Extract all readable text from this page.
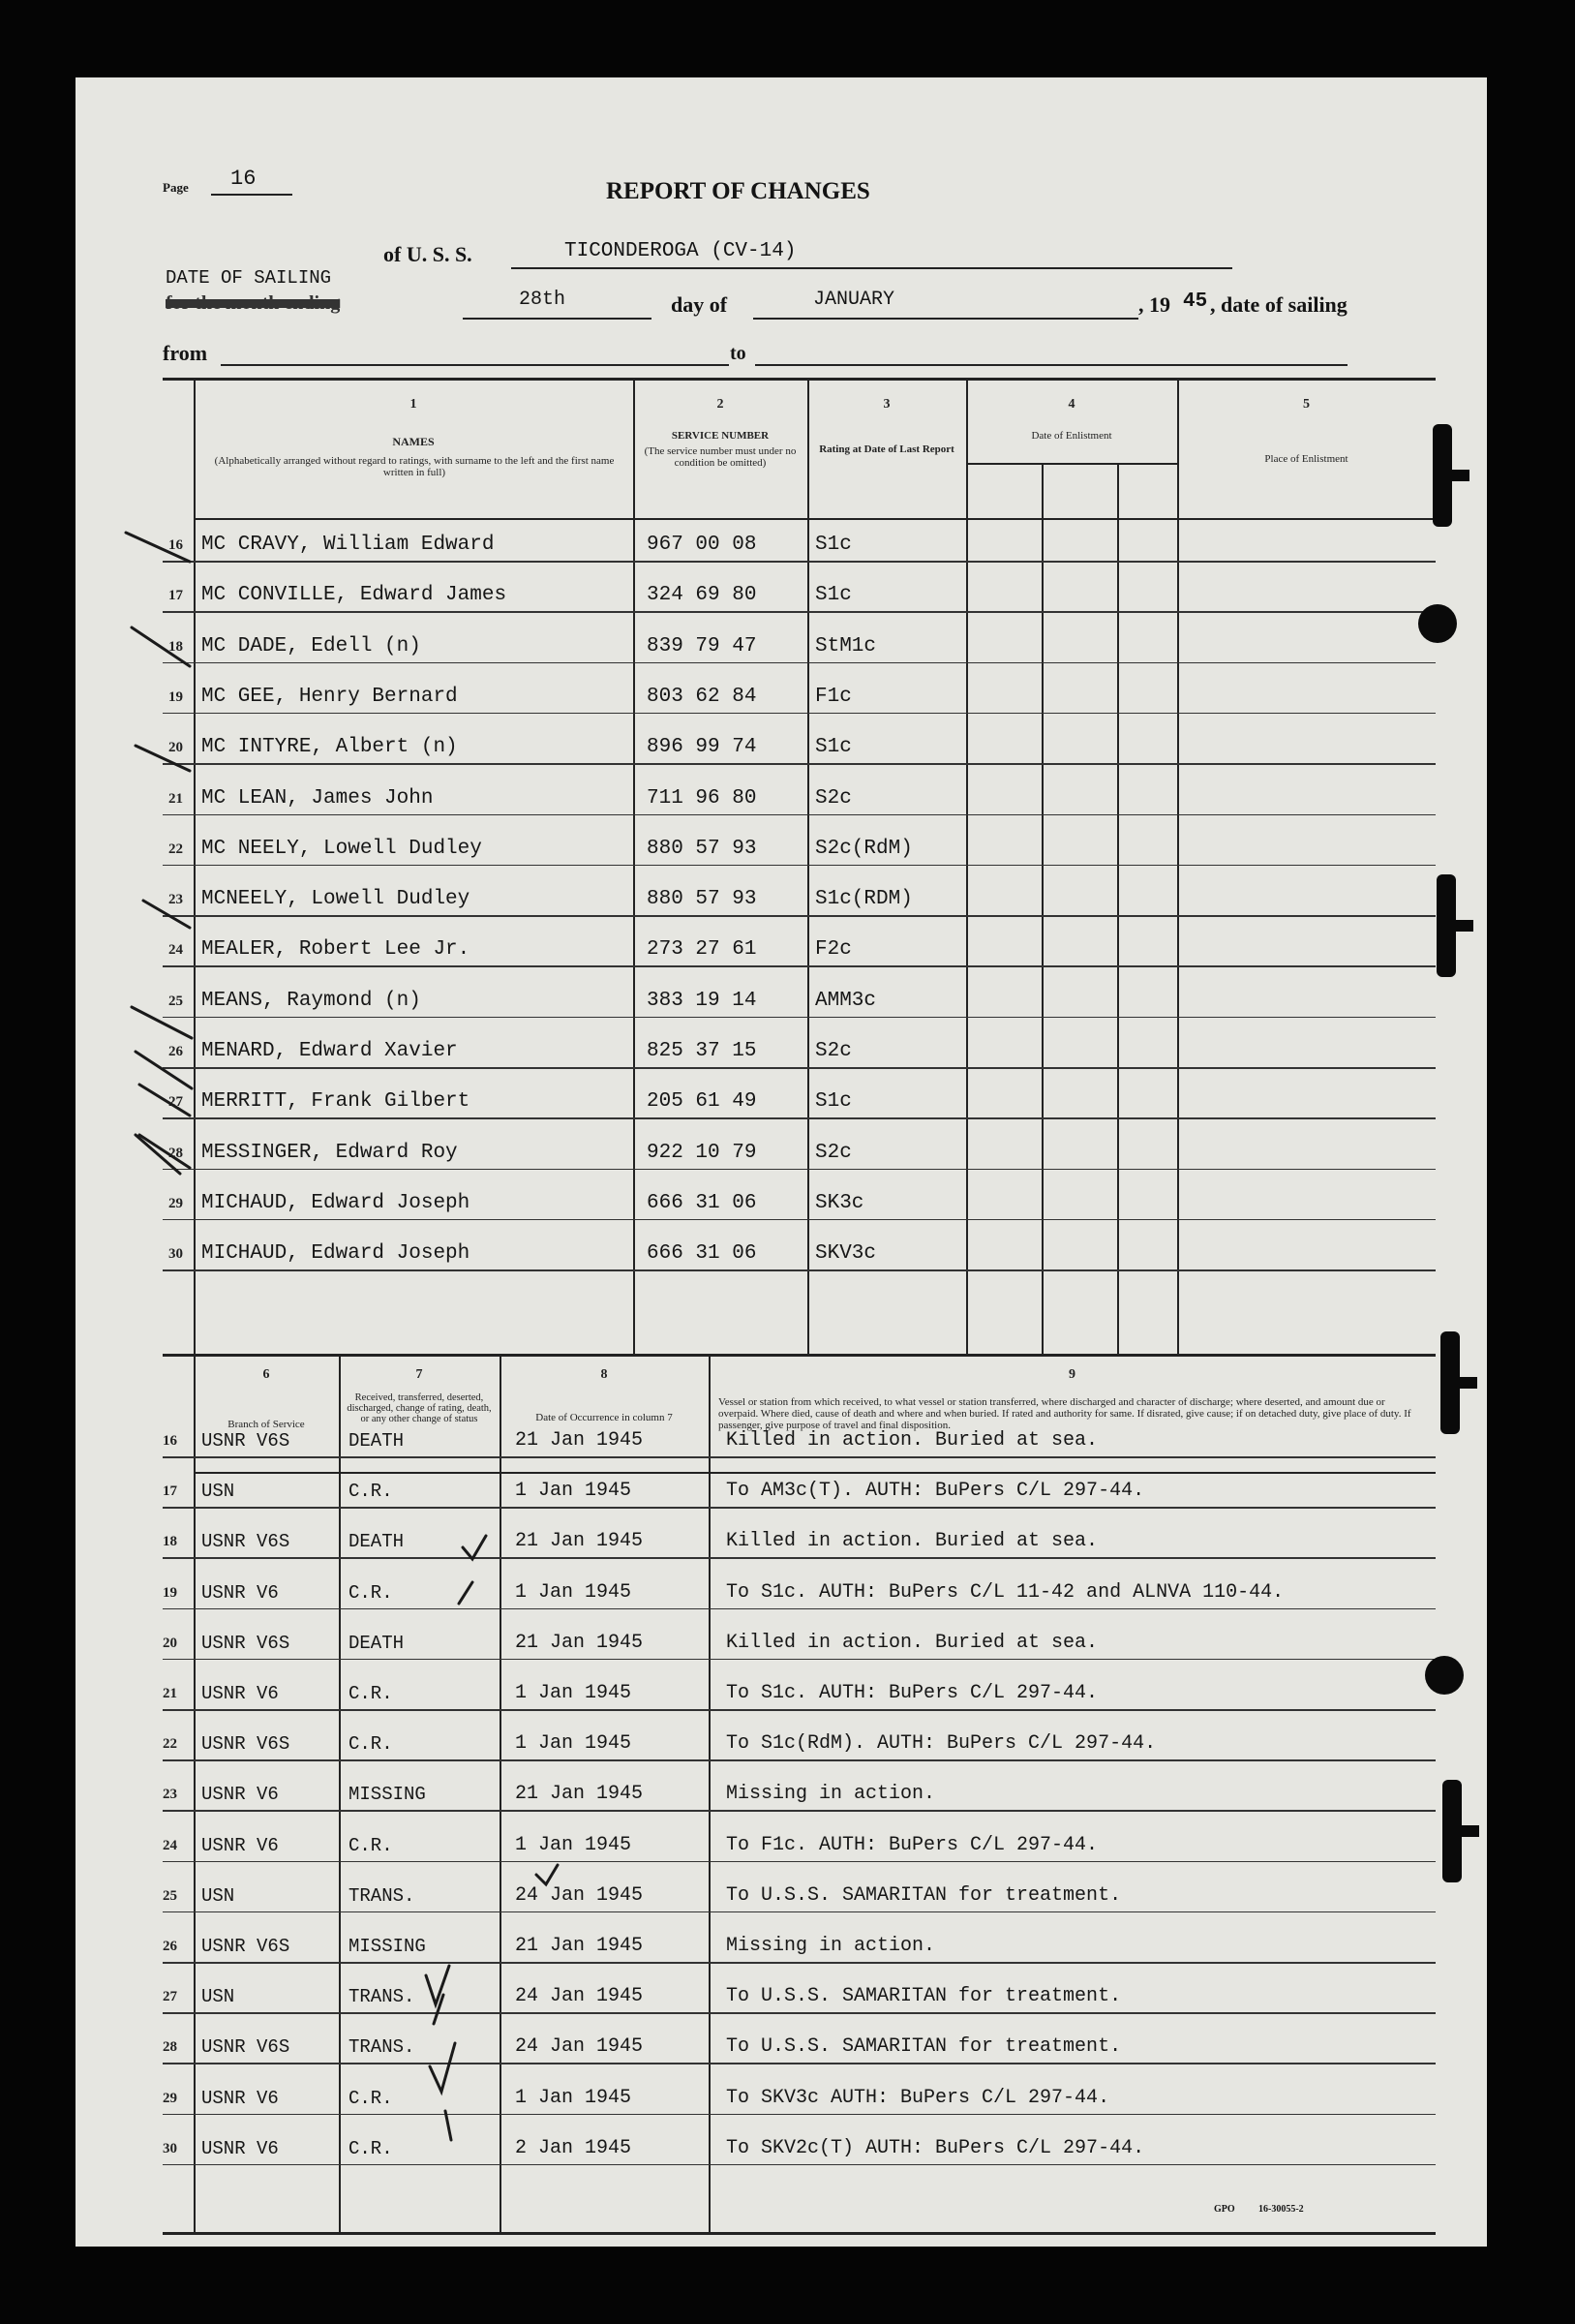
Page 16	REPORT OF CHANGES
of U. S. S.	TICONDEROGA (CV-14)
DATE OF SAILING
for the month ending	28th	day of	JANUARY	, 19 45 , date of sailing
from	to
1
NAMES
(Alphabetically arranged without regard to ratings, with surname to the left and the first name written in full)
2
SERVICE NUMBER
(The service number must under no condition be omitted)
3
Rating at Date of Last Report
4
Date of Enlistment
5
Place of Enlistment
16 MC CRAVY, William Edward	967 00 08	S1c
17 MC CONVILLE, Edward James	324 69 80	S1c
18 MC DADE, Edell (n)	839 79 47	StM1c
19 MC GEE, Henry Bernard	803 62 84	F1c
20 MC INTYRE, Albert (n)	896 99 74	S1c
21 MC LEAN, James John	711 96 80	S2c
22 MC NEELY, Lowell Dudley	880 57 93	S2c(RdM)
23 MCNEELY, Lowell Dudley	880 57 93	S1c(RDM)
24 MEALER, Robert Lee Jr.	273 27 61	F2c
25 MEANS, Raymond (n)	383 19 14	AMM3c
26 MENARD, Edward Xavier	825 37 15	S2c
27 MERRITT, Frank Gilbert	205 61 49	S1c
28 MESSINGER, Edward Roy	922 10 79	S2c
29 MICHAUD, Edward Joseph	666 31 06	SK3c
30 MICHAUD, Edward Joseph	666 31 06	SKV3c
6
Branch of Service
7
Received, transferred, deserted, discharged, change of rating, death, or any other change of status
8
Date of Occurrence in column 7
9
Vessel or station from which received, to what vessel or station transferred, where discharged and character of discharge; where deserted, and amount due or overpaid. Where died, cause of death and where and when buried. If rated and authority for same. If disrated, give cause; if on detached duty, give place of duty. If passenger, give purpose of travel and final disposition.
16 USNR V6S	DEATH	21 Jan 1945	Killed in action. Buried at sea.
17 USN	C.R.	1 Jan 1945	To AM3c(T). AUTH: BuPers C/L 297-44.
18 USNR V6S	DEATH	21 Jan 1945	Killed in action. Buried at sea.
19 USNR V6	C.R.	1 Jan 1945	To S1c. AUTH: BuPers C/L 11-42 and ALNVA 110-44.
20 USNR V6S	DEATH	21 Jan 1945	Killed in action. Buried at sea.
21 USNR V6	C.R.	1 Jan 1945	To S1c. AUTH: BuPers C/L 297-44.
22 USNR V6S	C.R.	1 Jan 1945	To S1c(RdM). AUTH: BuPers C/L 297-44.
23 USNR V6	MISSING	21 Jan 1945	Missing in action.
24 USNR V6	C.R.	1 Jan 1945	To F1c. AUTH: BuPers C/L 297-44.
25 USN	TRANS.	24 Jan 1945	To U.S.S. SAMARITAN for treatment.
26 USNR V6S	MISSING	21 Jan 1945	Missing in action.
27 USN	TRANS.	24 Jan 1945	To U.S.S. SAMARITAN for treatment.
28 USNR V6S	TRANS.	24 Jan 1945	To U.S.S. SAMARITAN for treatment.
29 USNR V6	C.R.	1 Jan 1945	To SKV3c AUTH: BuPers C/L 297-44.
30 USNR V6	C.R.	2 Jan 1945	To SKV2c(T) AUTH: BuPers C/L 297-44.
GPO 16-30055-2
